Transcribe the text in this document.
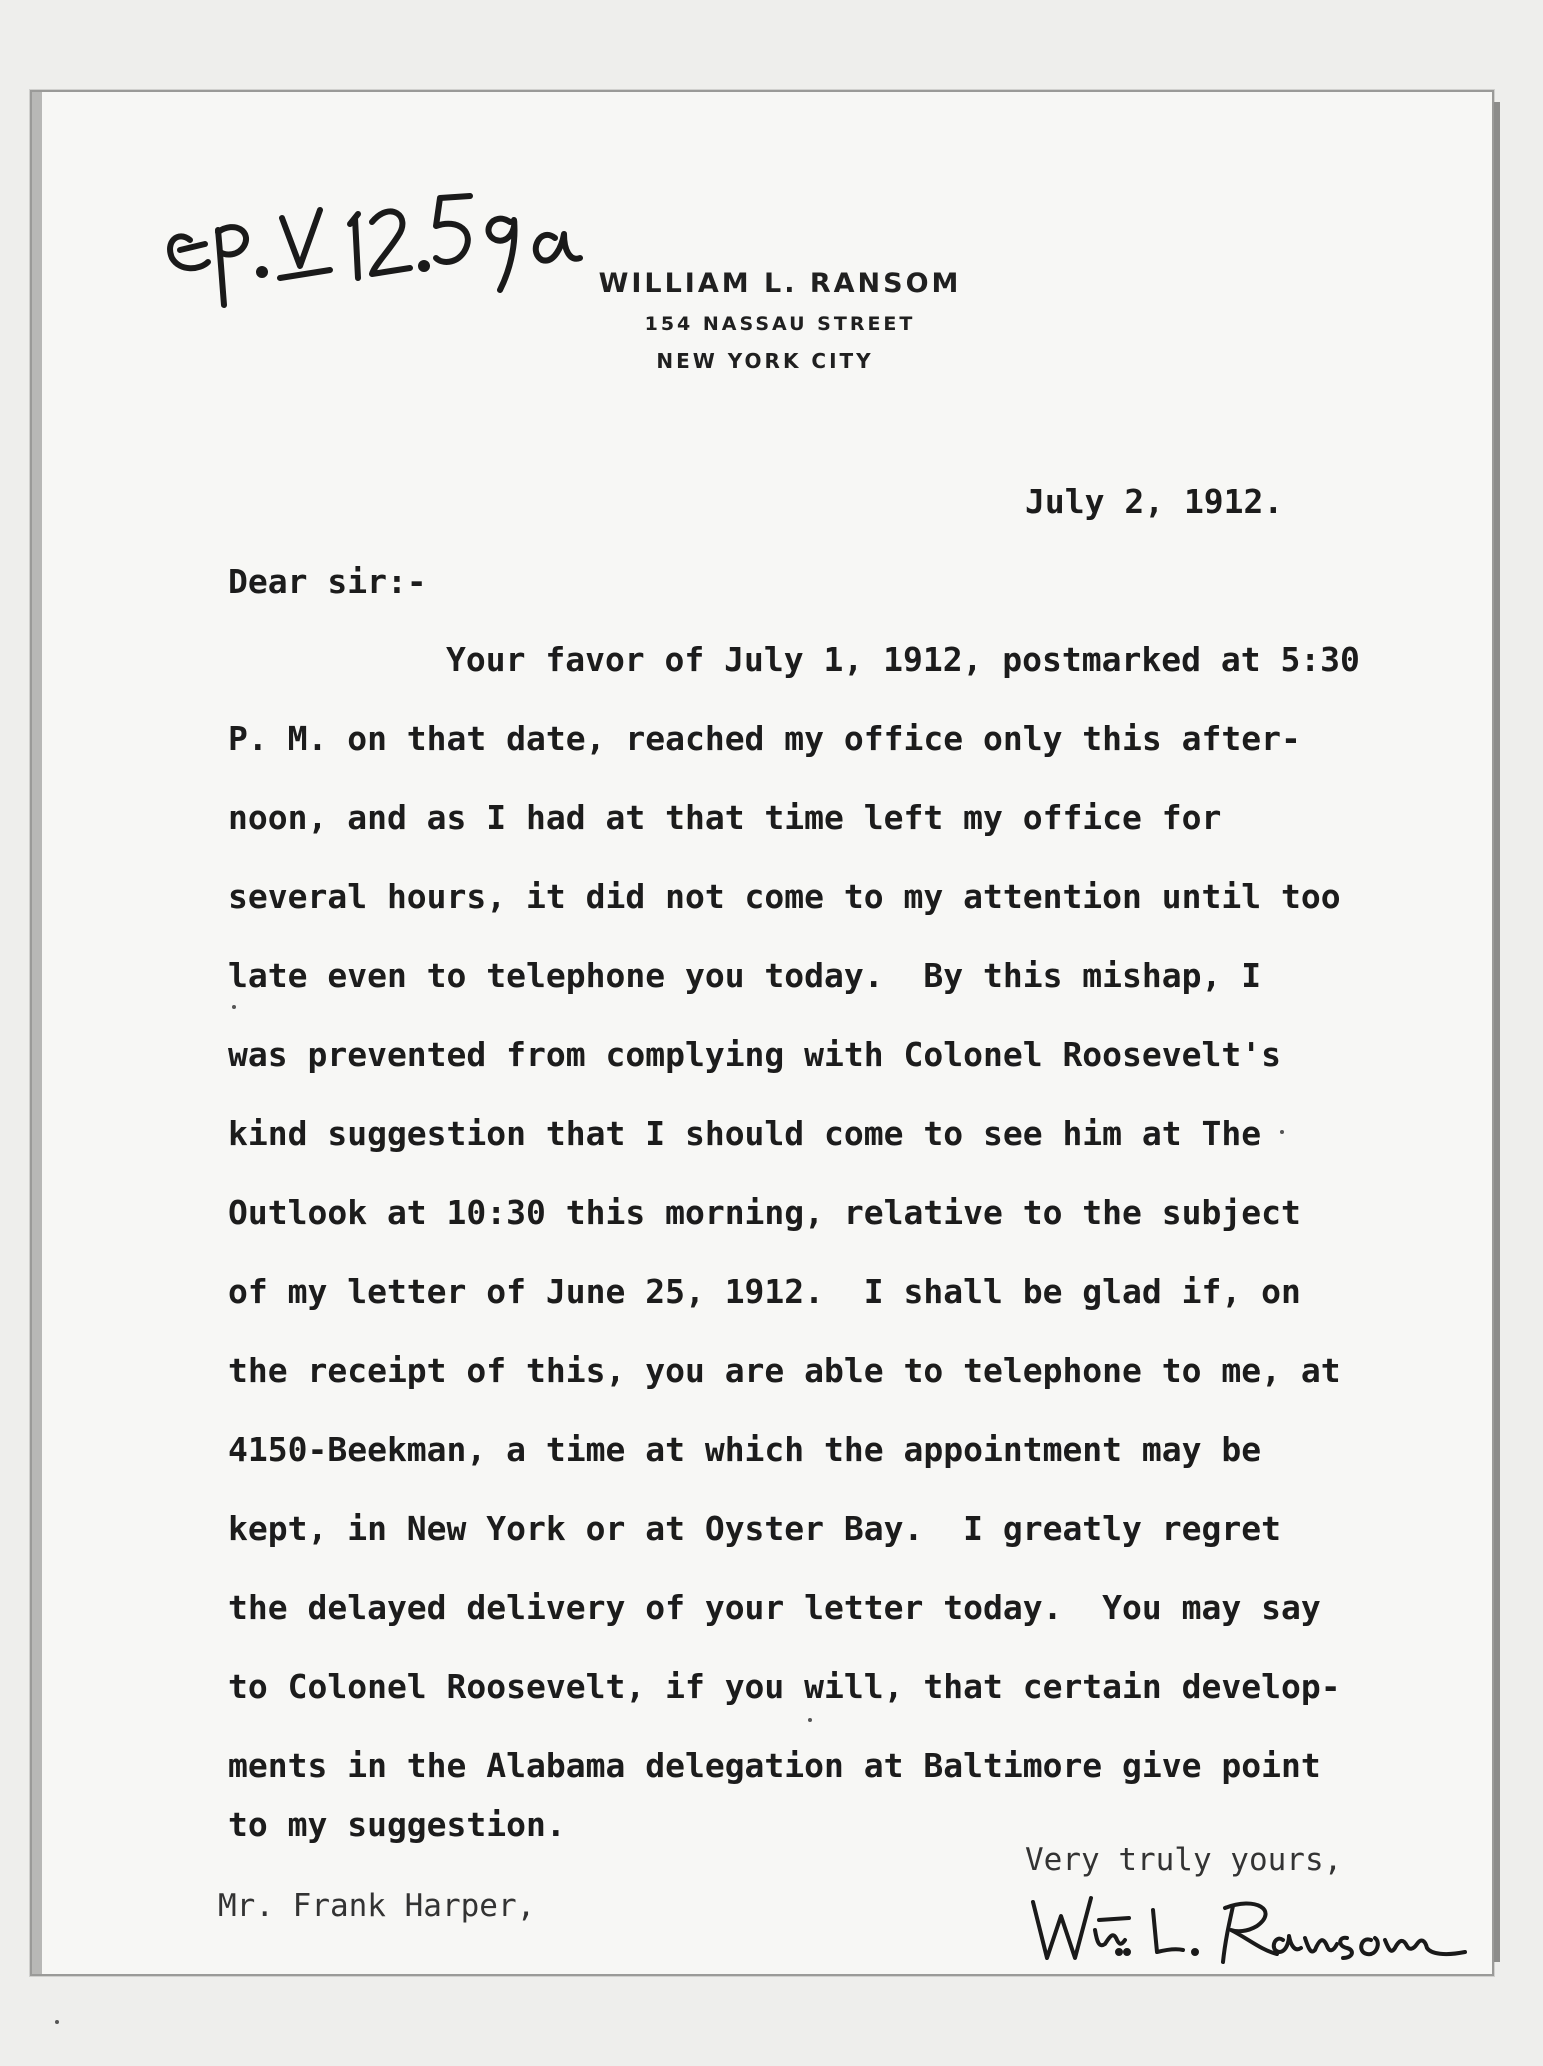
WILLIAM L. RANSOM
154 NASSAU STREET
NEW YORK CITY
July 2, 1912.
Dear sir:-
Your favor of July 1, 1912, postmarked at 5:30
P. M. on that date, reached my office only this after-
noon, and as I had at that time left my office for
several hours, it did not come to my attention until too
late even to telephone you today.  By this mishap, I
was prevented from complying with Colonel Roosevelt's
kind suggestion that I should come to see him at The
Outlook at 10:30 this morning, relative to the subject
of my letter of June 25, 1912.  I shall be glad if, on
the receipt of this, you are able to telephone to me, at
4150-Beekman, a time at which the appointment may be
kept, in New York or at Oyster Bay.  I greatly regret
the delayed delivery of your letter today.  You may say
to Colonel Roosevelt, if you will, that certain develop-
ments in the Alabama delegation at Baltimore give point
to my suggestion.
Very truly yours,
Mr. Frank Harper,
